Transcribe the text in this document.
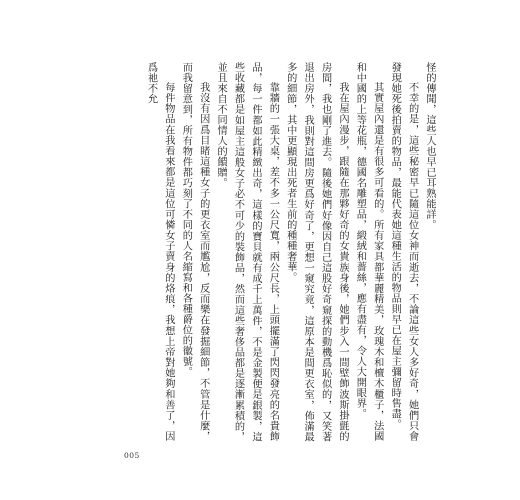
怪的傳聞，這些人也早已耳熟能詳。

不幸的是，這些秘密早已隨這位女神而逝去，不論這些女人多好奇，她們只會發現她死後拍賣的物品，最能代表她這種生活的物品則早已在屋主彌留時售盡。

其實屋內還是有很多可看的。所有家具都華麗精美，玫瑰木和檀木櫃子，法國和中國的上等花瓶，德國名雕塑品，緞絨和薔絲，應有盡有，令人大開眼界。

我在屋內漫步，跟隨在那夥好奇的女貴族身後，她們步入一間壁飾波斯掛氈的房間，我也剛了進去。隨後她們好像因自己這股好奇窺探的動機爲恥似的，又笑著退出房外，我則對這間房更爲好奇了，更想一窺究竟，這原本是間更衣室，佈滿最多的細節，其中更顯現出死者生前的種種奢華。

靠牆的一張大桌，差不多一公尺寬，兩公尺長，上頭擺滿了閃閃發亮的名貴飾品，每一件都如此精緻出奇，這樣的寶貝就有成千上萬件，不是金製便是銀製，這些收藏都是如屋主這般女子必不可少的裝飾品，然而這些奢侈品都是逐漸累積的，並且來自不同情人的饋贈。

我沒有因爲目睹這種女子的更衣室而尷尬，反而樂在發掘細節，不管是什麼，而我留意到，所有物件都巧刻了不同的人名縮寫和各種爵位的徽號。

每件物品在我看來都是這位可憐女子賣身的烙痕，我想上帝對她夠和善了，因爲祂不允

005
